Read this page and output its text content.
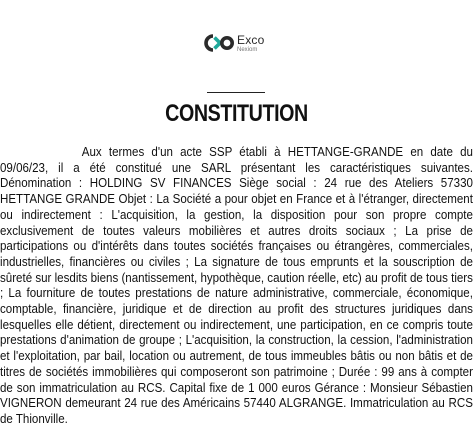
Exco
Nexiom
CONSTITUTION

Aux termes d'un acte SSP établi à HETTANGE-GRANDE en date du 09/06/23, il a été constitué une SARL présentant les caractéristiques suivantes. Dénomination : HOLDING SV FINANCES Siège social : 24 rue des Ateliers 57330 HETTANGE GRANDE Objet : La Société a pour objet en France et à l'étranger, directement ou indirectement : L'acquisition, la gestion, la disposition pour son propre compte exclusivement de toutes valeurs mobilières et autres droits sociaux ; La prise de participations ou d'intérêts dans toutes sociétés françaises ou étrangères, commerciales, industrielles, financières ou civiles ; La signature de tous emprunts et la souscription de sûreté sur lesdits biens (nantissement, hypothèque, caution réelle, etc) au profit de tous tiers ; La fourniture de toutes prestations de nature administrative, commerciale, économique, comptable, financière, juridique et de direction au profit des structures juridiques dans lesquelles elle détient, directement ou indirectement, une participation, en ce compris toute prestations d'animation de groupe ; L'acquisition, la construction, la cession, l'administration et l'exploitation, par bail, location ou autrement, de tous immeubles bâtis ou non bâtis et de titres de sociétés immobilières qui composeront son patrimoine ; Durée : 99 ans à compter de son immatriculation au RCS. Capital fixe de 1 000 euros Gérance : Monsieur Sébastien VIGNERON demeurant 24 rue des Américains 57440 ALGRANGE. Immatriculation au RCS de Thionville.
